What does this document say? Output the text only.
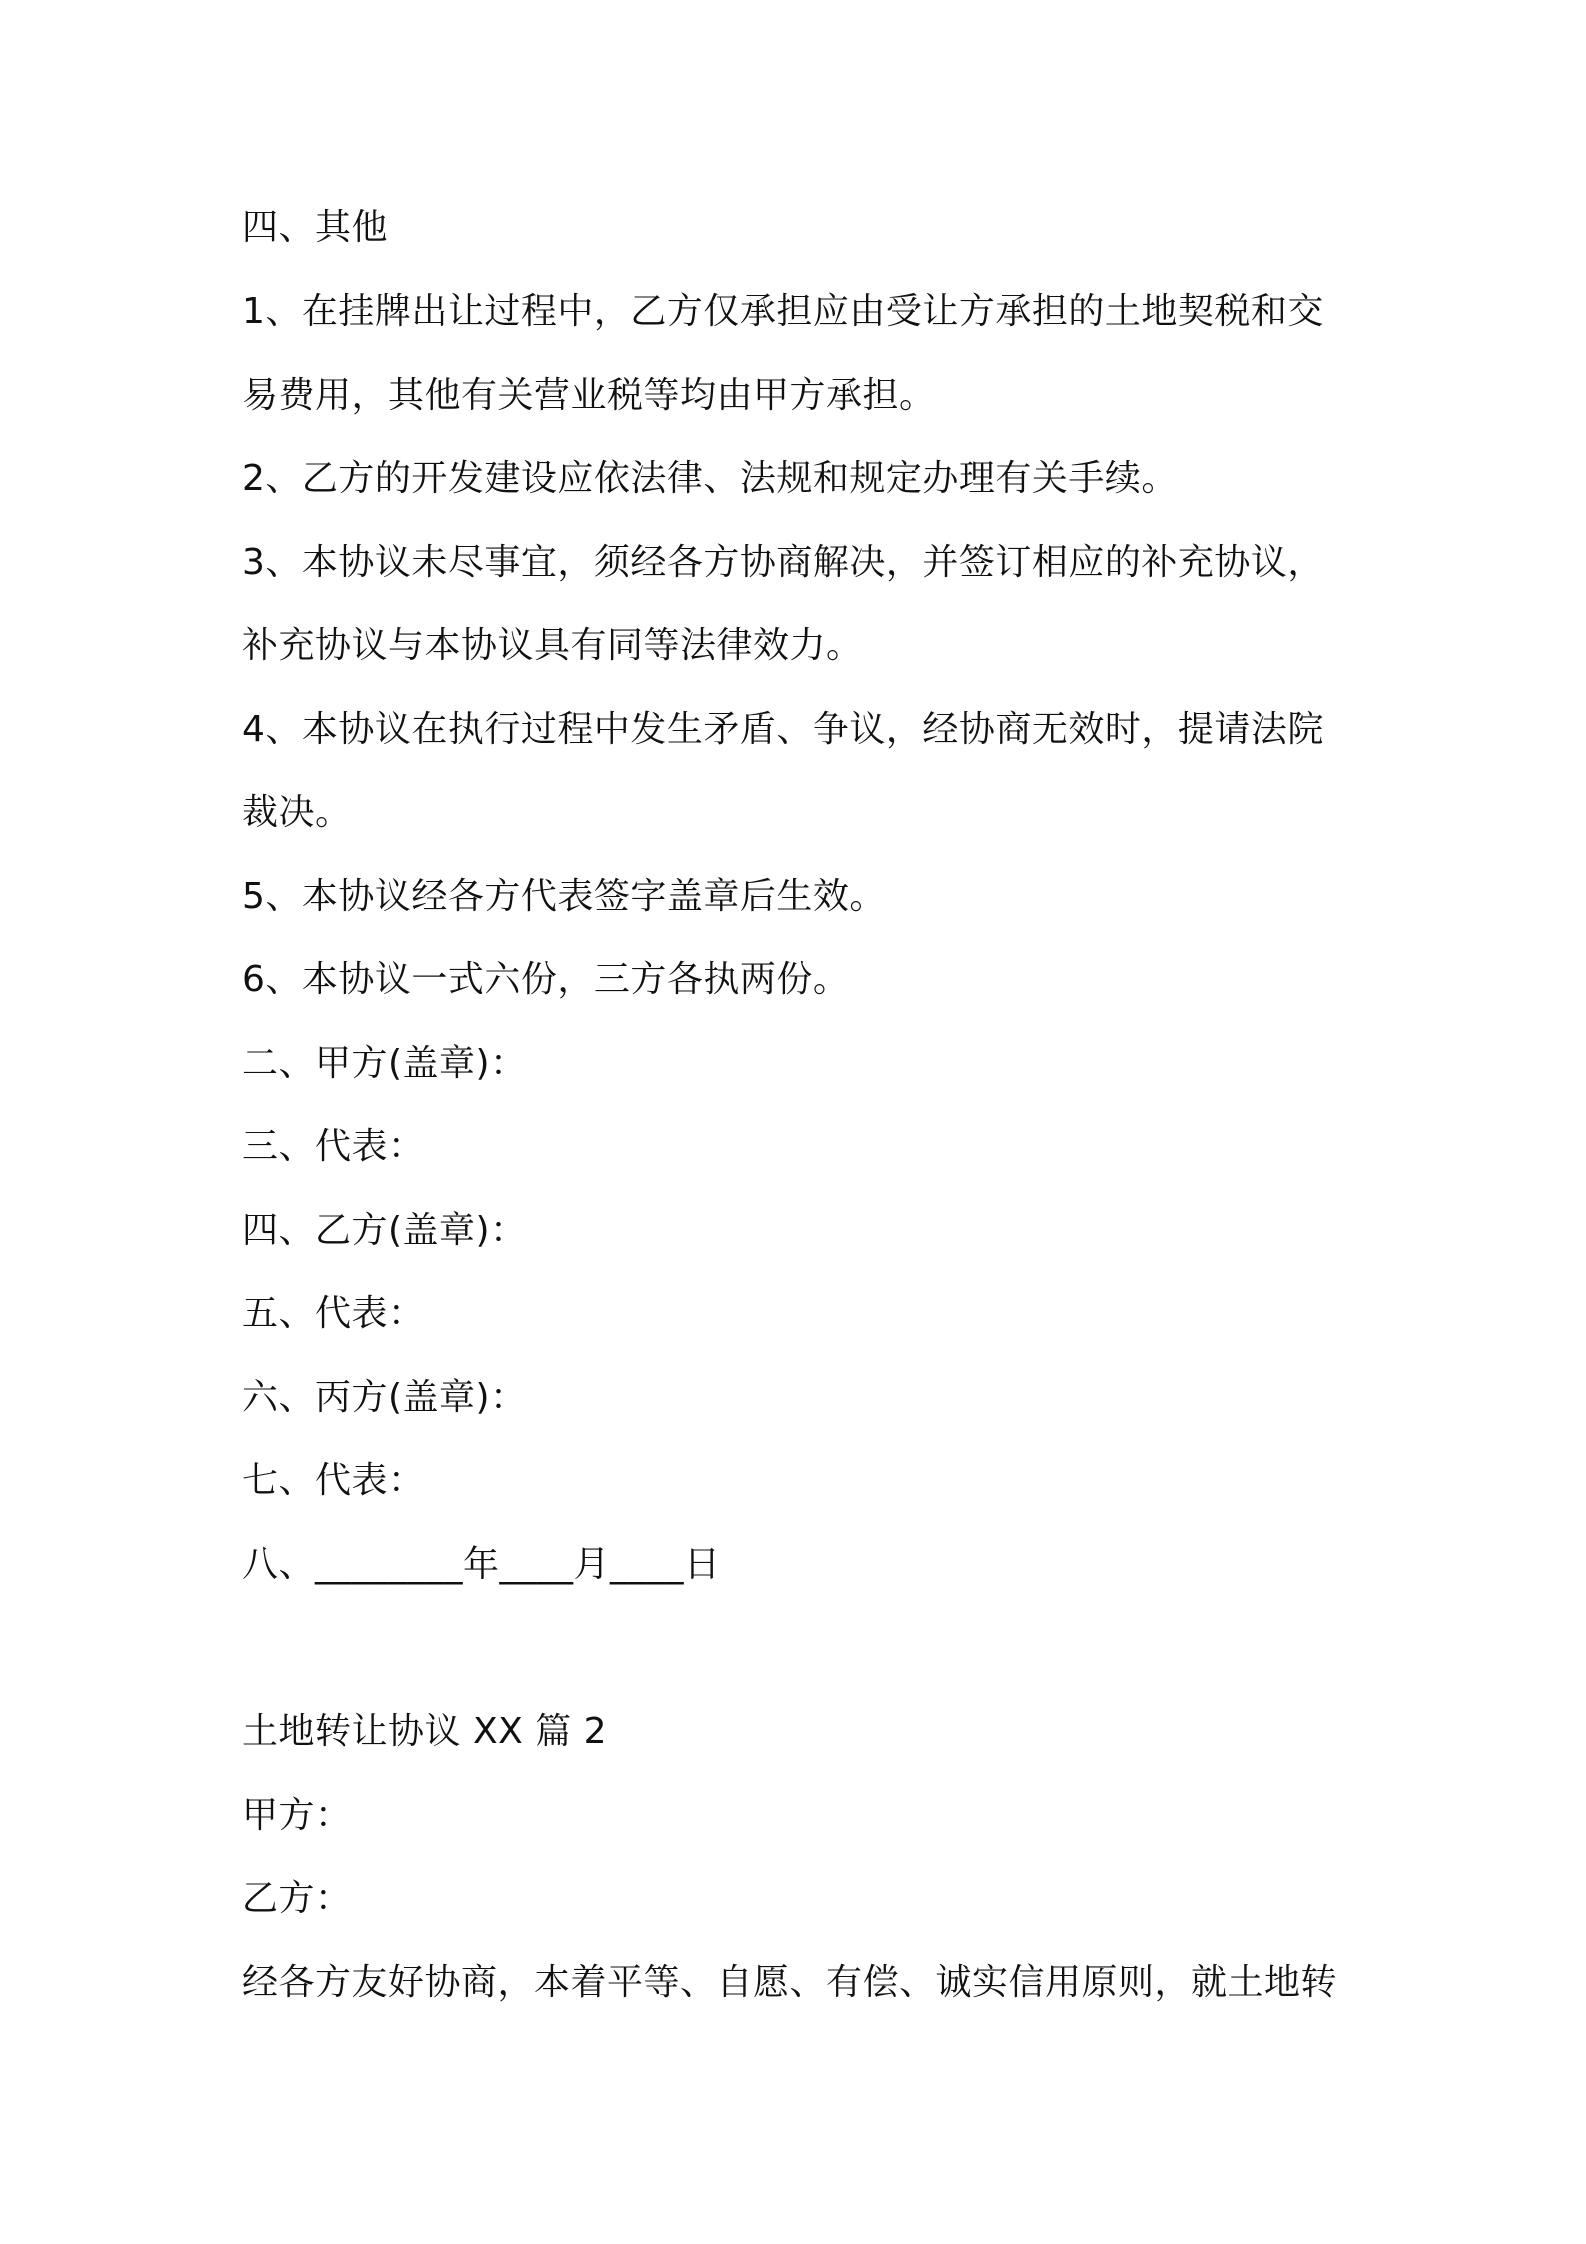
四、其他
1、在挂牌出让过程中，乙方仅承担应由受让方承担的土地契税和交
易费用，其他有关营业税等均由甲方承担。
2、乙方的开发建设应依法律、法规和规定办理有关手续。
3、本协议未尽事宜，须经各方协商解决，并签订相应的补充协议，
补充协议与本协议具有同等法律效力。
4、本协议在执行过程中发生矛盾、争议，经协商无效时，提请法院
裁决。
5、本协议经各方代表签字盖章后生效。
6、本协议一式六份，三方各执两份。
二、甲方(盖章)：
三、代表：
四、乙方(盖章)：
五、代表：
六、丙方(盖章)：
七、代表：
八、________年____月____日
土地转让协议 XX 篇 2
甲方：
乙方：
经各方友好协商，本着平等、自愿、有偿、诚实信用原则，就土地转
